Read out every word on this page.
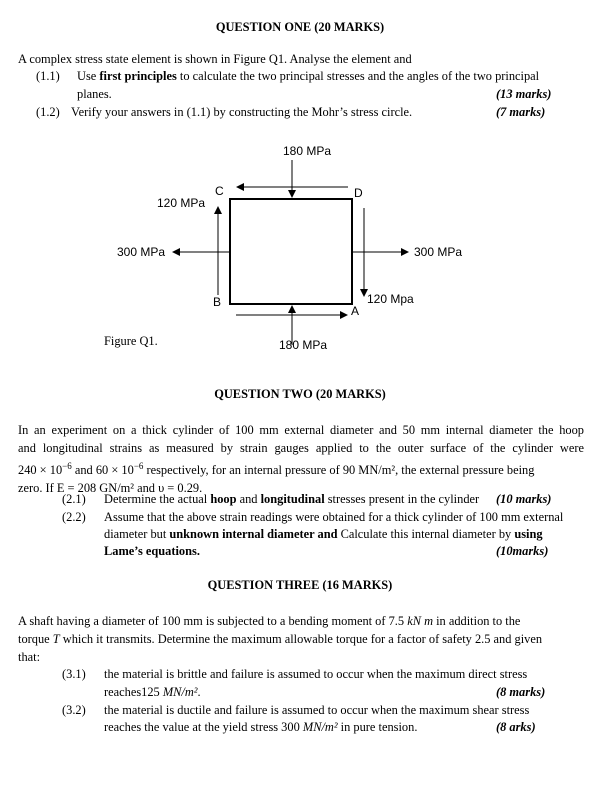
QUESTION ONE (20 MARKS)
A complex stress state element is shown in Figure Q1. Analyse the element and
(1.1) Use first principles to calculate the two principal stresses and the angles of the two principal
planes.	(13 marks)
(1.2) Verify your answers in (1.1) by constructing the Mohr’s stress circle.	(7 marks)
180 MPa
180 MPa
300 MPa	300 MPa
120 MPa
120 Mpa
C	D
B
A
Figure Q1.
QUESTION TWO (20 MARKS)
In an experiment on a thick cylinder of 100 mm external diameter and 50 mm internal diameter the hoop
and longitudinal strains as measured by strain gauges applied to the outer surface of the cylinder were
$240 \times 10^{-6}$ and $60 \times 10^{-6}$ respectively, for an internal pressure of 90 MN/m², the external pressure being
zero. If E = 208 GN/m² and υ = 0.29.
(2.1) Determine the actual hoop and longitudinal stresses present in the cylinder (10 marks)
(2.2) Assume that the above strain readings were obtained for a thick cylinder of 100 mm external
diameter but unknown internal diameter and Calculate this internal diameter by using
Lame’s equations.	(10marks)
QUESTION THREE (16 MARKS)
A shaft having a diameter of 100 mm is subjected to a bending moment of 7.5 kN m in addition to the
torque T which it transmits. Determine the maximum allowable torque for a factor of safety 2.5 and given
that:
(3.1) the material is brittle and failure is assumed to occur when the maximum direct stress
reaches125 MN/m².	(8 marks)
(3.2) the material is ductile and failure is assumed to occur when the maximum shear stress
reaches the value at the yield stress 300 MN/m² in pure tension.	(8 arks)
